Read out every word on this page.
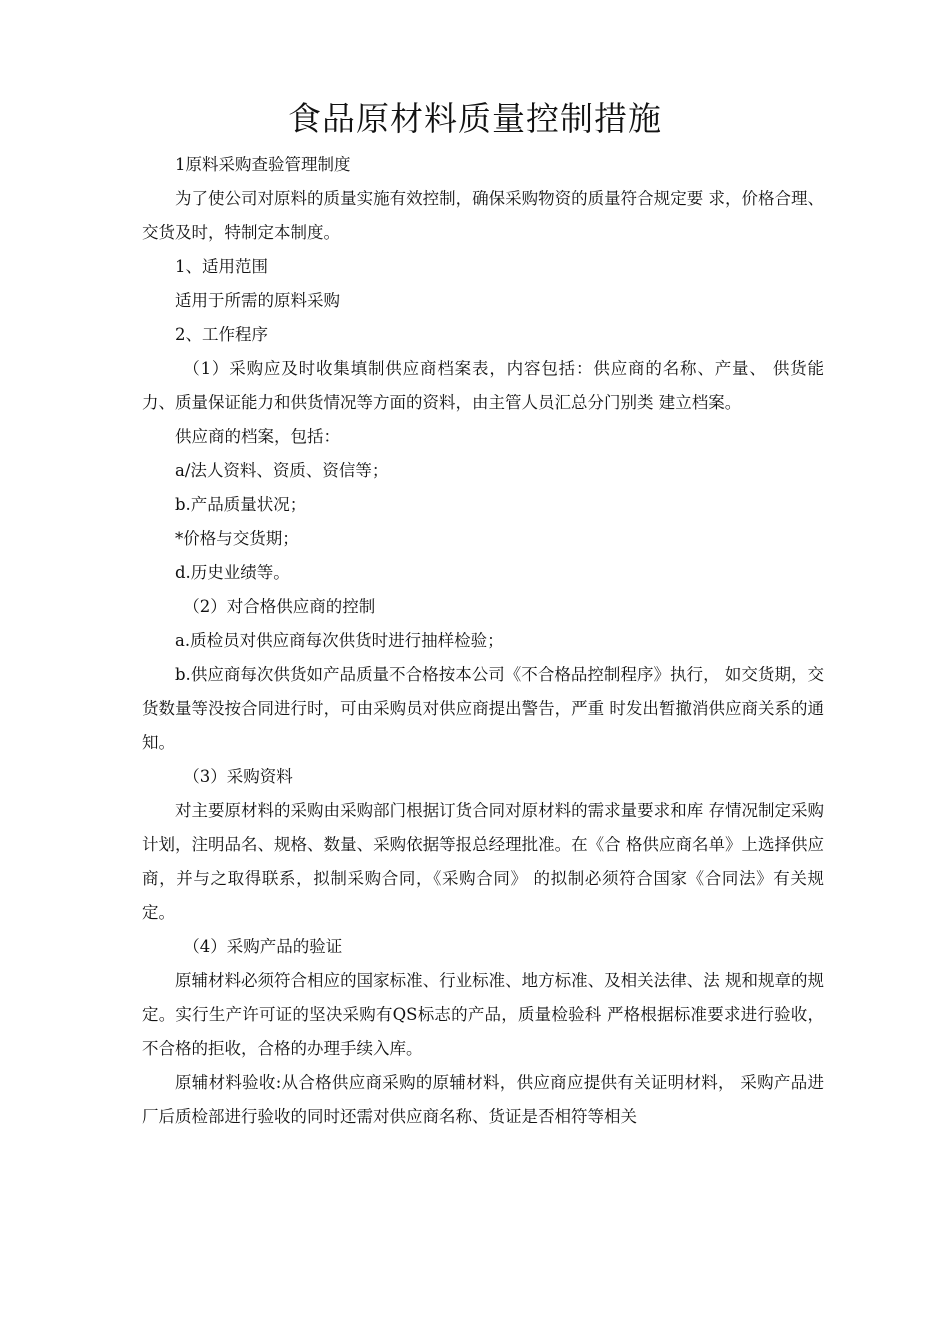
食品原材料质量控制措施

1原料采购查验管理制度

为了使公司对原料的质量实施有效控制，确保采购物资的质量符合规定要 求，价格合理、交货及时，特制定本制度。

1、适用范围

适用于所需的原料采购

2、工作程序

（1）采购应及时收集填制供应商档案表，内容包括：供应商的名称、产量、 供货能力、质量保证能力和供货情况等方面的资料，由主管人员汇总分门别类 建立档案。

供应商的档案，包括：

a/法人资料、资质、资信等；

b.产品质量状况；

*价格与交货期；

d.历史业绩等。

（2）对合格供应商的控制

a.质检员对供应商每次供货时进行抽样检验；

b.供应商每次供货如产品质量不合格按本公司《不合格品控制程序》执行， 如交货期，交货数量等没按合同进行时，可由采购员对供应商提出警告，严重 时发出暂撤消供应商关系的通知。

（3）采购资料

对主要原材料的采购由采购部门根据订货合同对原材料的需求量要求和库 存情况制定采购计划，注明品名、规格、数量、采购依据等报总经理批准。在《合 格供应商名单》上选择供应商，并与之取得联系，拟制采购合同，《采购合同》 的拟制必须符合国家《合同法》有关规定。

（4）采购产品的验证

原辅材料必须符合相应的国家标准、行业标准、地方标准、及相关法律、法 规和规章的规定。实行生产许可证的坚决采购有QS标志的产品，质量检验科 严格根据标准要求进行验收，不合格的拒收，合格的办理手续入库。

原辅材料验收:从合格供应商采购的原辅材料，供应商应提供有关证明材料， 采购产品进厂后质检部进行验收的同时还需对供应商名称、货证是否相符等相关
